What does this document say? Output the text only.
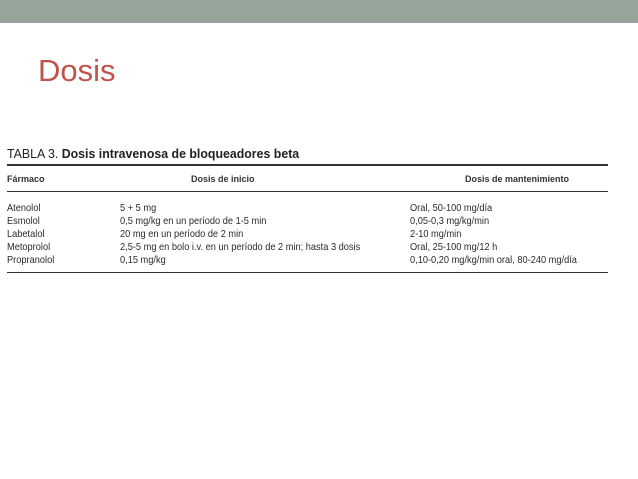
Dosis
TABLA 3. Dosis intravenosa de bloqueadores beta
Fármaco	Dosis de inicio	Dosis de mantenimiento
Atenolol	5 + 5 mg	Oral, 50-100 mg/día
Esmolol	0,5 mg/kg en un período de 1-5 min	0,05-0,3 mg/kg/min
Labetalol	20 mg en un período de 2 min	2-10 mg/min
Metoprolol	2,5-5 mg en bolo i.v. en un período de 2 min; hasta 3 dosis	Oral, 25-100 mg/12 h
Propranolol	0,15 mg/kg	0,10-0,20 mg/kg/min oral, 80-240 mg/día
